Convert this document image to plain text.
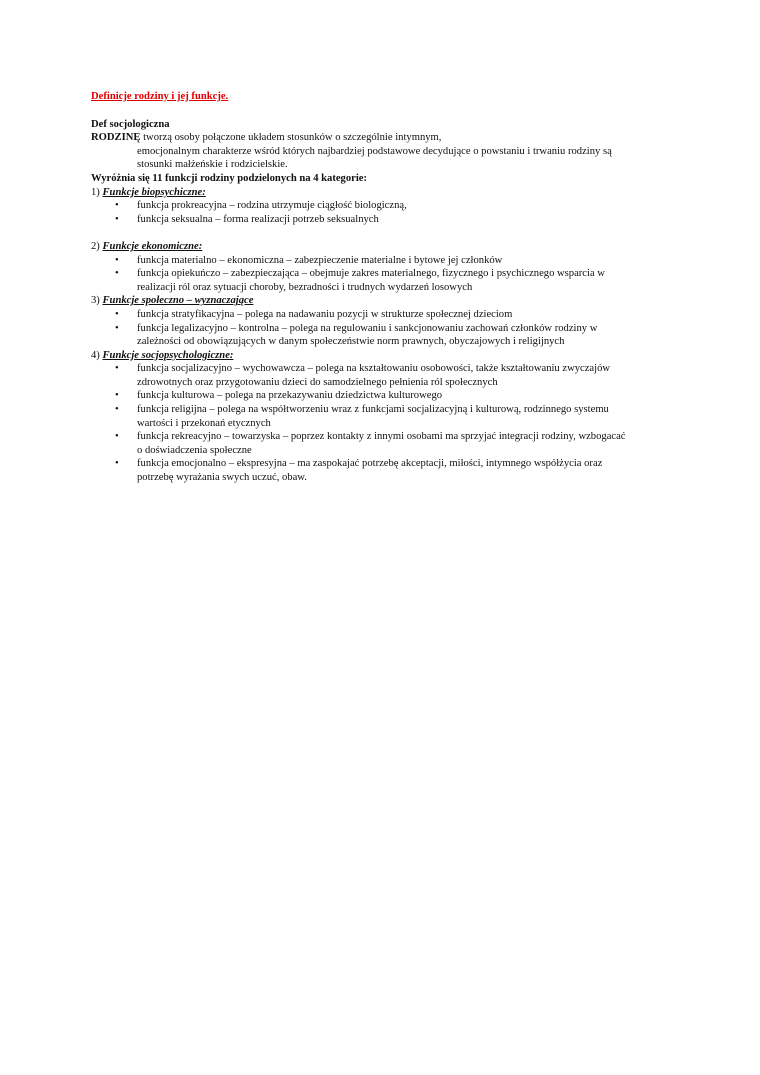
Definicje rodziny i jej funkcje.

Def socjologiczna

RODZINĘ tworzą osoby połączone układem stosunków o szczególnie intymnym,

emocjonalnym charakterze wśród których najbardziej podstawowe decydujące o powstaniu i trwaniu rodziny są

stosunki małżeńskie i rodzicielskie.

Wyróżnia się 11 funkcji rodziny podzielonych na 4 kategorie:

1) Funkcje biopsychiczne:

• funkcja prokreacyjna – rodzina utrzymuje ciągłość biologiczną,
• funkcja seksualna – forma realizacji potrzeb seksualnych

2) Funkcje ekonomiczne:

• funkcja materialno – ekonomiczna – zabezpieczenie materialne i bytowe jej członków
• funkcja opiekuńczo – zabezpieczająca – obejmuje zakres materialnego, fizycznego i psychicznego wsparcia w
realizacji ról oraz sytuacji choroby, bezradności i trudnych wydarzeń losowych

3) Funkcje społeczno – wyznaczające

• funkcja stratyfikacyjna – polega na nadawaniu pozycji w strukturze społecznej dzieciom
• funkcja legalizacyjno – kontrolna – polega na regulowaniu i sankcjonowaniu zachowań członków rodziny w
zależności od obowiązujących w danym społeczeństwie norm prawnych, obyczajowych i religijnych

4) Funkcje socjopsychologiczne:

• funkcja socjalizacyjno – wychowawcza – polega na kształtowaniu osobowości, także kształtowaniu zwyczajów
zdrowotnych oraz przygotowaniu dzieci do samodzielnego pełnienia ról społecznych
• funkcja kulturowa – polega na przekazywaniu dziedzictwa kulturowego
• funkcja religijna – polega na współtworzeniu wraz z funkcjami socjalizacyjną i kulturową, rodzinnego systemu
wartości i przekonań etycznych
• funkcja rekreacyjno – towarzyska – poprzez kontakty z innymi osobami ma sprzyjać integracji rodziny, wzbogacać
o doświadczenia społeczne
• funkcja emocjonalno – ekspresyjna – ma zaspokajać potrzebę akceptacji, miłości, intymnego współżycia oraz
potrzebę wyrażania swych uczuć, obaw.
